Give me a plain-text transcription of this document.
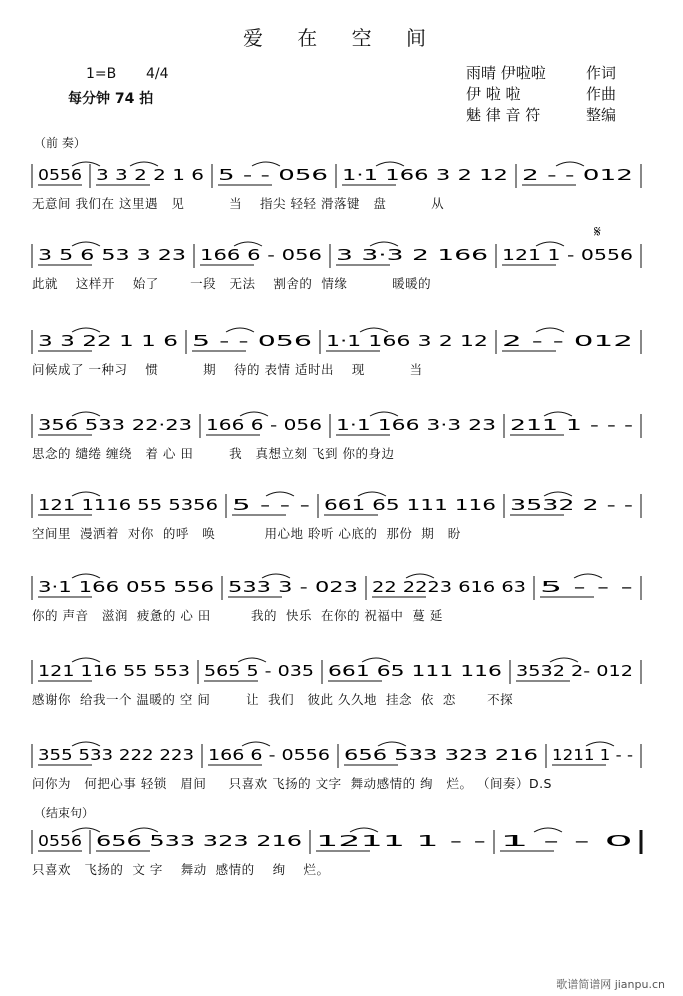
爱 在 空 间
1=B 4/4
每分钟 74 拍
雨晴 伊啦啦	作词
伊 啦 啦	作曲
魅 律 音 符	整编
（前 奏）
𝄋
（结束句）
0556 3 3 2 2 1 6 5 - - 056 1·1 166 3 2 12 2 - - 012
无意间 我们在 这里遇   见          当    指尖 轻轻 滑落键   盘          从
3 5 6 53 3 23 166 6 - 056 3 3·3 2 166 121 1 - 0556
此就    这样开    始了       一段   无法    割舍的  情缘          暖暖的
3 3 22 1 1 6 5 - - 056 1·1 166 3 2 12 2 - - 012
问候成了 一种习    惯          期    待的 表情 适时出    现          当
356 533 22·23 166 6 - 056 1·1 166 3·3 23 211 1 - - -
思念的 缱绻 缠绕   着 心 田        我   真想立刻 飞到 你的身边
121 1116 55 5356 5 - - - 661 65 111 116 3532 2 - -
空间里  漫洒着  对你  的呼   唤           用心地 聆听 心底的  那份  期   盼
3·1 166 055 556 533 3 - 023 22 2223 616 63 5 - - -
你的 声音   滋润  疲惫的 心 田         我的  快乐  在你的 祝福中  蔓 延
121 116 55 553 565 5 - 035 661 65 111 116 3532 2- 012
感谢你  给我一个 温暖的 空 间        让  我们   彼此 久久地  挂念  依  恋       不探
355 533 222 223 166 6 - 0556 656 533 323 216 1211 1 - -
问你为   何把心事 轻锁   眉间     只喜欢 飞扬的 文字  舞动感情的 绚   烂。 （间奏）D.S
0556 656 533 323 216 1211 1 - - 1 - - 0
只喜欢   飞扬的  文 字    舞动  感情的    绚    烂。
歌谱简谱网 jianpu.cn
